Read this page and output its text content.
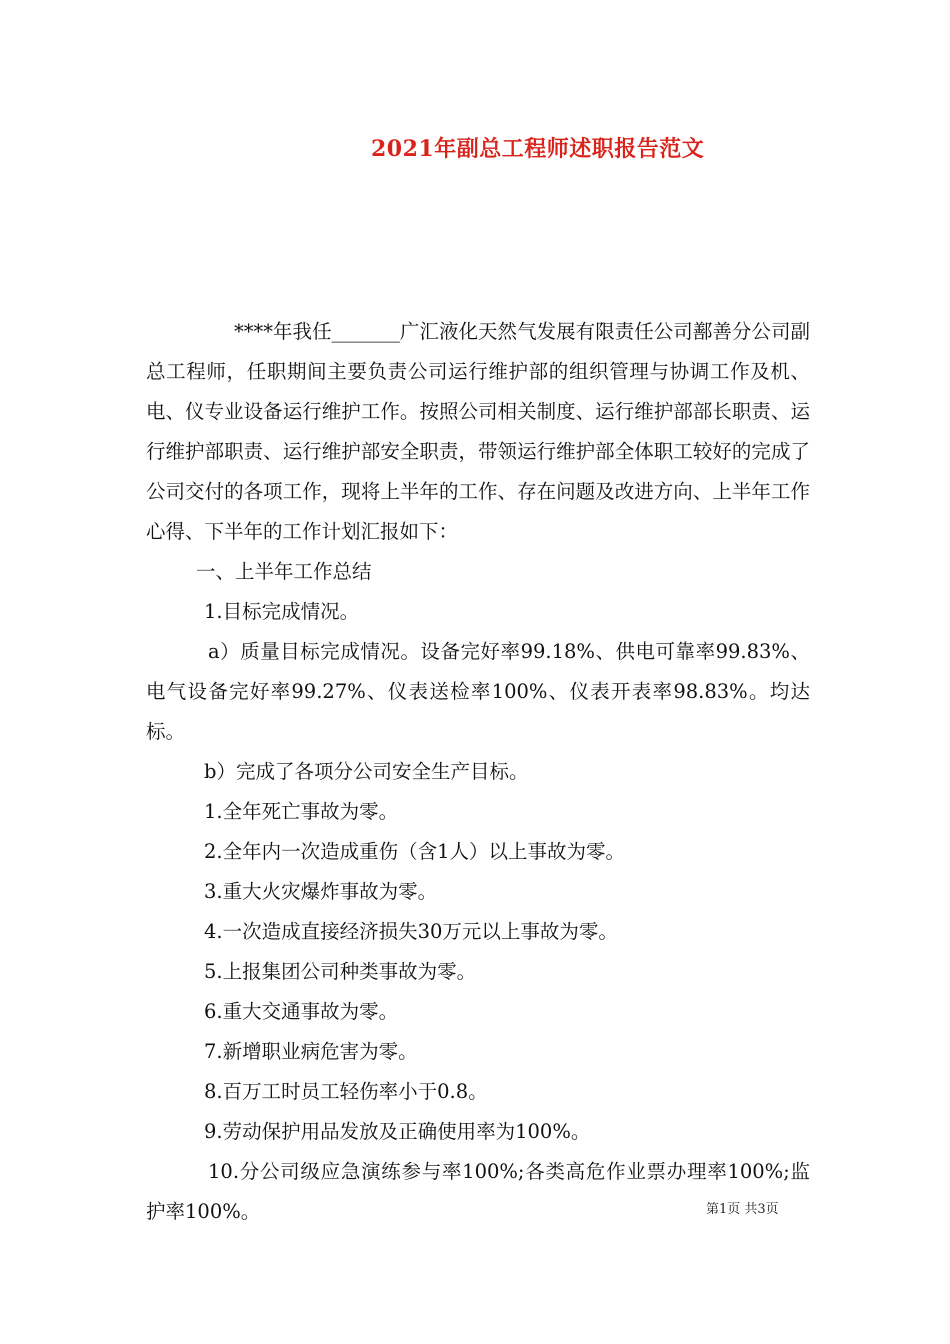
2021年副总工程师述职报告范文

****年我任_______广汇液化天然气发展有限责任公司鄯善分公司副总工程师，任职期间主要负责公司运行维护部的组织管理与协调工作及机、电、仪专业设备运行维护工作。按照公司相关制度、运行维护部部长职责、运行维护部职责、运行维护部安全职责，带领运行维护部全体职工较好的完成了公司交付的各项工作，现将上半年的工作、存在问题及改进方向、上半年工作心得、下半年的工作计划汇报如下：

一、上半年工作总结

1.目标完成情况。

a）质量目标完成情况。设备完好率99.18%、供电可靠率99.83%、电气设备完好率99.27%、仪表送检率100%、仪表开表率98.83%。均达标。

b）完成了各项分公司安全生产目标。

1.全年死亡事故为零。

2.全年内一次造成重伤（含1人）以上事故为零。

3.重大火灾爆炸事故为零。

4.一次造成直接经济损失30万元以上事故为零。

5.上报集团公司种类事故为零。

6.重大交通事故为零。

7.新增职业病危害为零。

8.百万工时员工轻伤率小于0.8。

9.劳动保护用品发放及正确使用率为100%。

10.分公司级应急演练参与率100%;各类高危作业票办理率100%;监护率100%。	第1页 共3页
